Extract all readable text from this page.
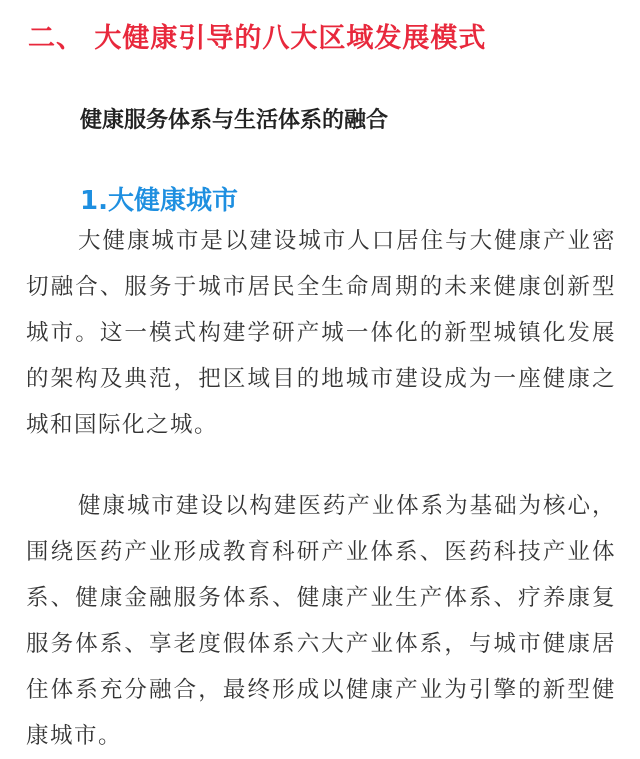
二、 大健康引导的八大区域发展模式
健康服务体系与生活体系的融合
1.大健康城市

大健康城市是以建设城市人口居住与大健康产业密切融合、服务于城市居民全生命周期的未来健康创新型城市。这一模式构建学研产城一体化的新型城镇化发展的架构及典范，把区域目的地城市建设成为一座健康之城和国际化之城。

健康城市建设以构建医药产业体系为基础为核心，围绕医药产业形成教育科研产业体系、医药科技产业体系、健康金融服务体系、健康产业生产体系、疗养康复服务体系、享老度假体系六大产业体系，与城市健康居住体系充分融合，最终形成以健康产业为引擎的新型健康城市。
